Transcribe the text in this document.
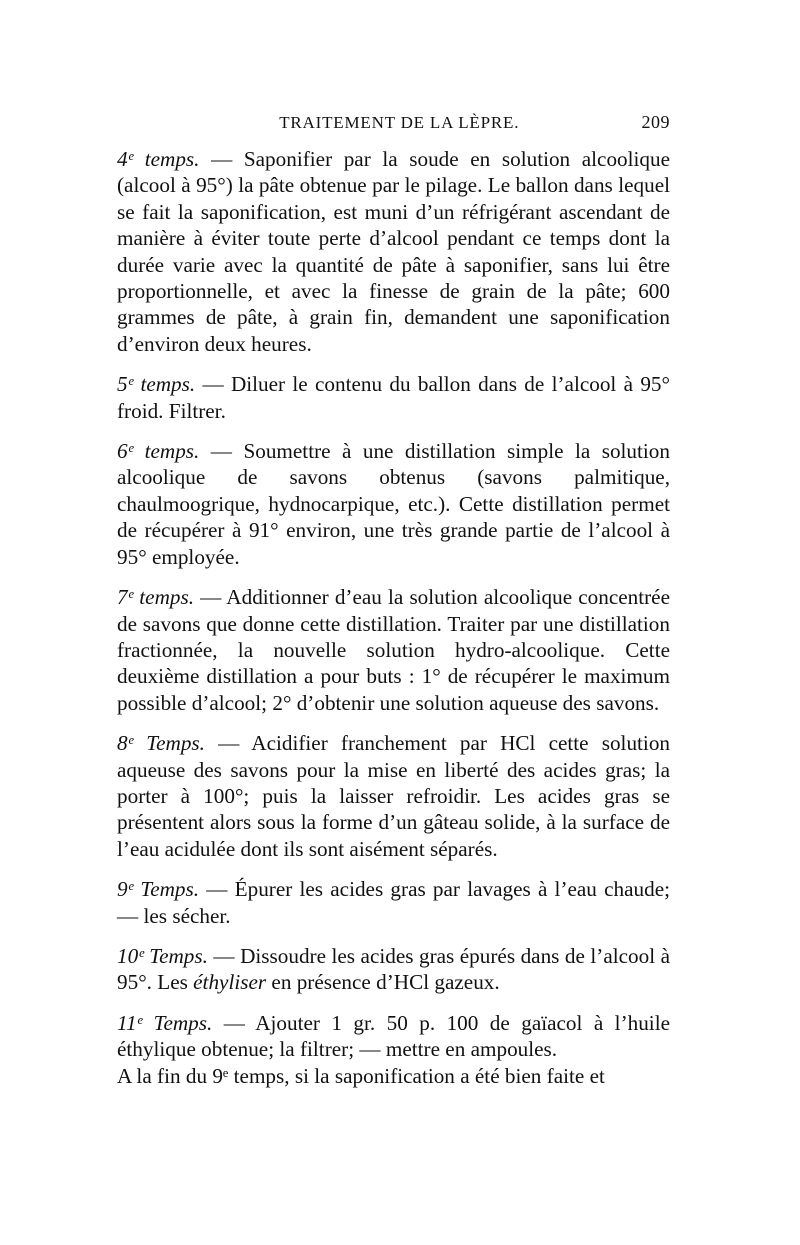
TRAITEMENT DE LA LÈPRE.	209

4ᵉ temps. — Saponifier par la soude en solution alcoolique (alcool à 95°) la pâte obtenue par le pilage. Le ballon dans lequel se fait la saponification, est muni d’un réfrigérant ascendant de manière à éviter toute perte d’alcool pendant ce temps dont la durée varie avec la quantité de pâte à saponifier, sans lui être proportionnelle, et avec la finesse de grain de la pâte; 600 grammes de pâte, à grain fin, demandent une saponification d’environ deux heures.

5ᵉ temps. — Diluer le contenu du ballon dans de l’alcool à 95° froid. Filtrer.

6ᵉ temps. — Soumettre à une distillation simple la solution alcoolique de savons obtenus (savons palmitique, chaulmoogrique, hydnocarpique, etc.). Cette distillation permet de récupérer à 91° environ, une très grande partie de l’alcool à 95° employée.

7ᵉ temps. — Additionner d’eau la solution alcoolique concentrée de savons que donne cette distillation. Traiter par une distillation fractionnée, la nouvelle solution hydro-alcoolique. Cette deuxième distillation a pour buts : 1° de récupérer le maximum possible d’alcool; 2° d’obtenir une solution aqueuse des savons.

8ᵉ Temps. — Acidifier franchement par HCl cette solution aqueuse des savons pour la mise en liberté des acides gras; la porter à 100°; puis la laisser refroidir. Les acides gras se présentent alors sous la forme d’un gâteau solide, à la surface de l’eau acidulée dont ils sont aisément séparés.

9ᵉ Temps. — Épurer les acides gras par lavages à l’eau chaude; — les sécher.

10ᵉ Temps. — Dissoudre les acides gras épurés dans de l’alcool à 95°. Les éthyliser en présence d’HCl gazeux.

11ᵉ Temps. — Ajouter 1 gr. 50 p. 100 de gaïacol à l’huile éthylique obtenue; la filtrer; — mettre en ampoules.

A la fin du 9ᵉ temps, si la saponification a été bien faite et
